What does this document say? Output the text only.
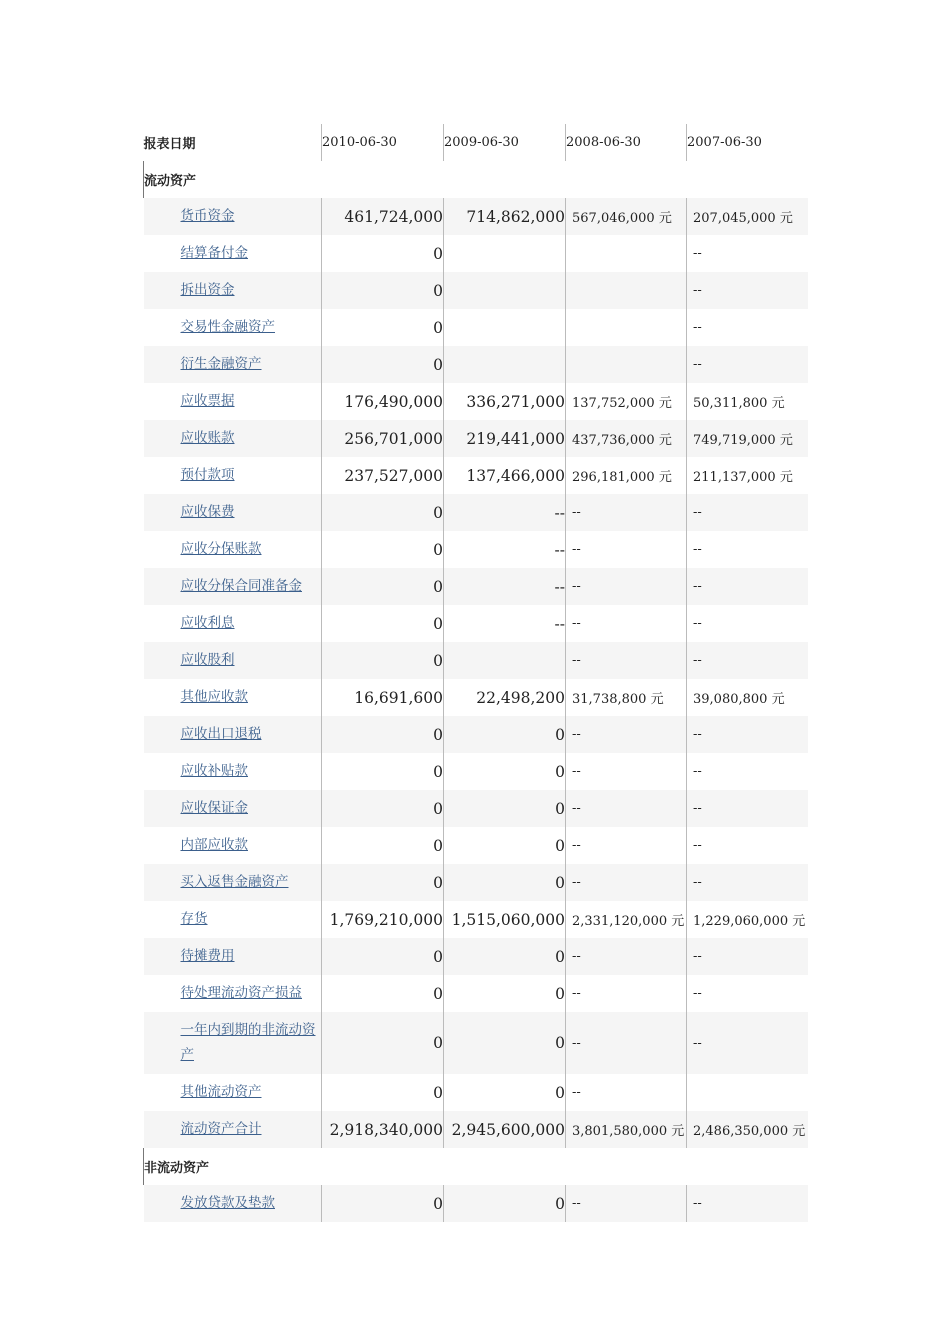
报表日期	2010-06-30	2009-06-30	2008-06-30	2007-06-30
流动资产				
货币资金	461,724,000	714,862,000	567,046,000 元	207,045,000 元
结算备付金	0			--
拆出资金	0			--
交易性金融资产	0			--
衍生金融资产	0			--
应收票据	176,490,000	336,271,000	137,752,000 元	50,311,800 元
应收账款	256,701,000	219,441,000	437,736,000 元	749,719,000 元
预付款项	237,527,000	137,466,000	296,181,000 元	211,137,000 元
应收保费	0	--	--	--
应收分保账款	0	--	--	--
应收分保合同准备金	0	--	--	--
应收利息	0	--	--	--
应收股利	0		--	--
其他应收款	16,691,600	22,498,200	31,738,800 元	39,080,800 元
应收出口退税	0	0	--	--
应收补贴款	0	0	--	--
应收保证金	0	0	--	--
内部应收款	0	0	--	--
买入返售金融资产	0	0	--	--
存货	1,769,210,000	1,515,060,000	2,331,120,000 元	1,229,060,000 元
待摊费用	0	0	--	--
待处理流动资产损益	0	0	--	--
一年内到期的非流动资产	0	0	--	--
其他流动资产	0	0	--	
流动资产合计	2,918,340,000	2,945,600,000	3,801,580,000 元	2,486,350,000 元
非流动资产				
发放贷款及垫款	0	0	--	--
